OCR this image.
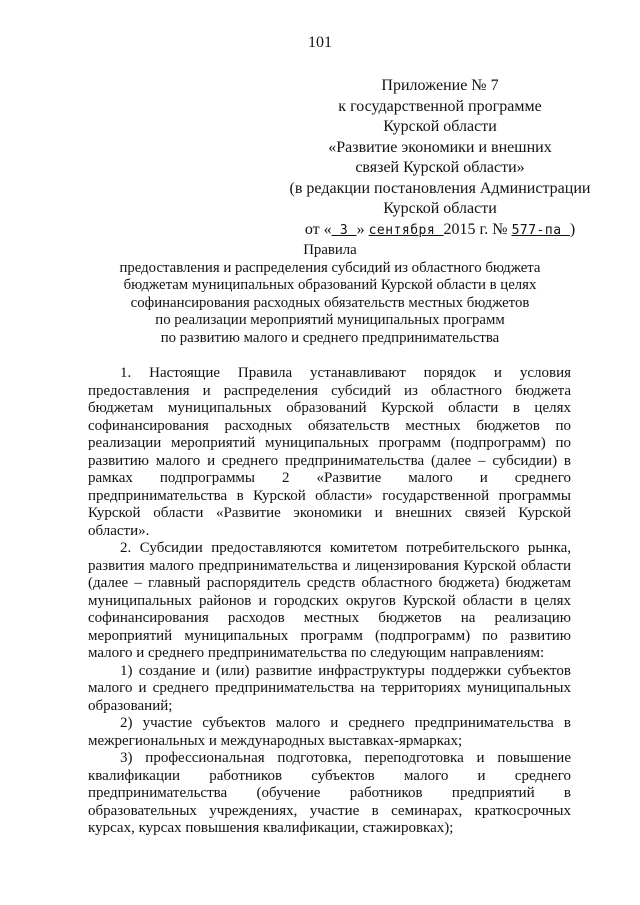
101
Приложение № 7
к государственной программе
Курской области
«Развитие экономики и внешних
связей Курской области»
(в редакции постановления Администрации
Курской области
от « 3 » сентября 2015 г. № 577-па )
Правила
предоставления и распределения субсидий из областного бюджета
бюджетам муниципальных образований Курской области в целях
софинансирования расходных обязательств местных бюджетов
по реализации мероприятий муниципальных программ
по развитию малого и среднего предпринимательства

1. Настоящие Правила устанавливают порядок и условия предоставления и распределения субсидий из областного бюджета бюджетам муниципальных образований Курской области в целях софинансирования расходных обязательств местных бюджетов по реализации мероприятий муниципальных программ (подпрограмм) по развитию малого и среднего предпринимательства (далее – субсидии) в рамках подпрограммы 2 «Развитие малого и среднего предпринимательства в Курской области» государственной программы Курской области «Развитие экономики и внешних связей Курской области».

2. Субсидии предоставляются комитетом потребительского рынка, развития малого предпринимательства и лицензирования Курской области (далее – главный распорядитель средств областного бюджета) бюджетам муниципальных районов и городских округов Курской области в целях софинансирования расходов местных бюджетов на реализацию мероприятий муниципальных программ (подпрограмм) по развитию малого и среднего предпринимательства по следующим направлениям:

1) создание и (или) развитие инфраструктуры поддержки субъектов малого и среднего предпринимательства на территориях муниципальных образований;

2) участие субъектов малого и среднего предпринимательства в межрегиональных и международных выставках-ярмарках;

3) профессиональная подготовка, переподготовка и повышение квалификации работников субъектов малого и среднего предпринимательства (обучение работников предприятий в образовательных учреждениях, участие в семинарах, краткосрочных курсах, курсах повышения квалификации, стажировках);
